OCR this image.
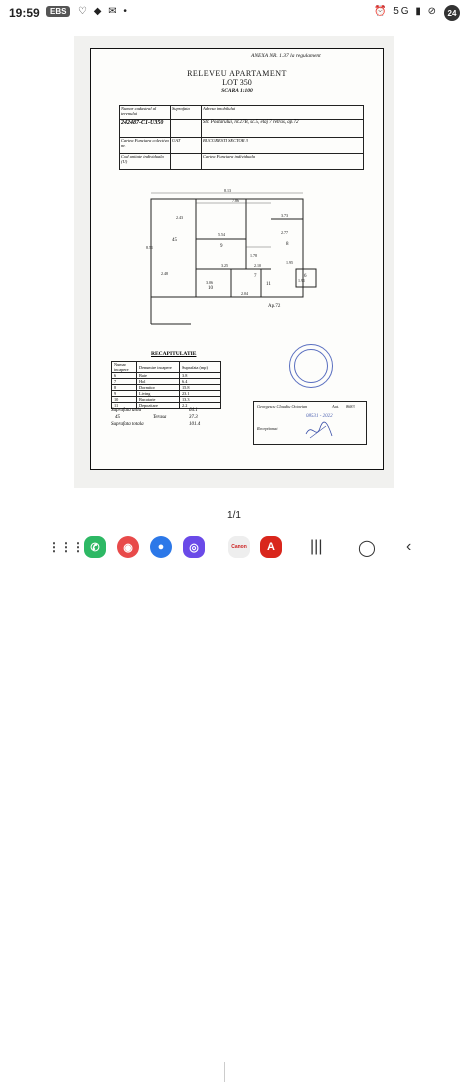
19:59	EBS	♡ ◆ ✉ •	⏰ 5G ▮ ⊘	24
ANEXA NR. 1.37 la regulament
RELEVEU APARTAMENT
LOT 350
SCARA 1:100
Numar cadastral al terenului	Suprafata	Adresa imobilului
242487-C1-U350		Str. Postarului, nr.27B, sc.5, etaj 7 retras, ap.72
Cartea Funciara colectiva nr.	UAT	BUCURESTI SECTOR 3
Cod unitate individuala (U)		Cartea Funciara individuala
8.13
7.86
3.73
5.54
2.48
2.10
1.78
3.25
3.06
2.04
1.95
1.91
8.51
2.43
2.77
45
9	8
10
11
7	6
Ap.72
RECAPITULATIE
Numar incapere	Denumire incapere	Suprafata (mp)
6	Baie	3.8
7	Hol	6.4
8	Dormitor	15.8
9	Living	23.1
10	Bucatarie	13.3
11	Depozitare	2.2
Suprafata utila	64.1
45	Terasa	37.3
Suprafata totala	101.4
Georgescu Claudiu Octavian	Aut. 8683
Receptionat
08531 - 2022
1/1
⋮⋮⋮ ✆	◉	●	◎	Canon	A	||| ◯ ‹
